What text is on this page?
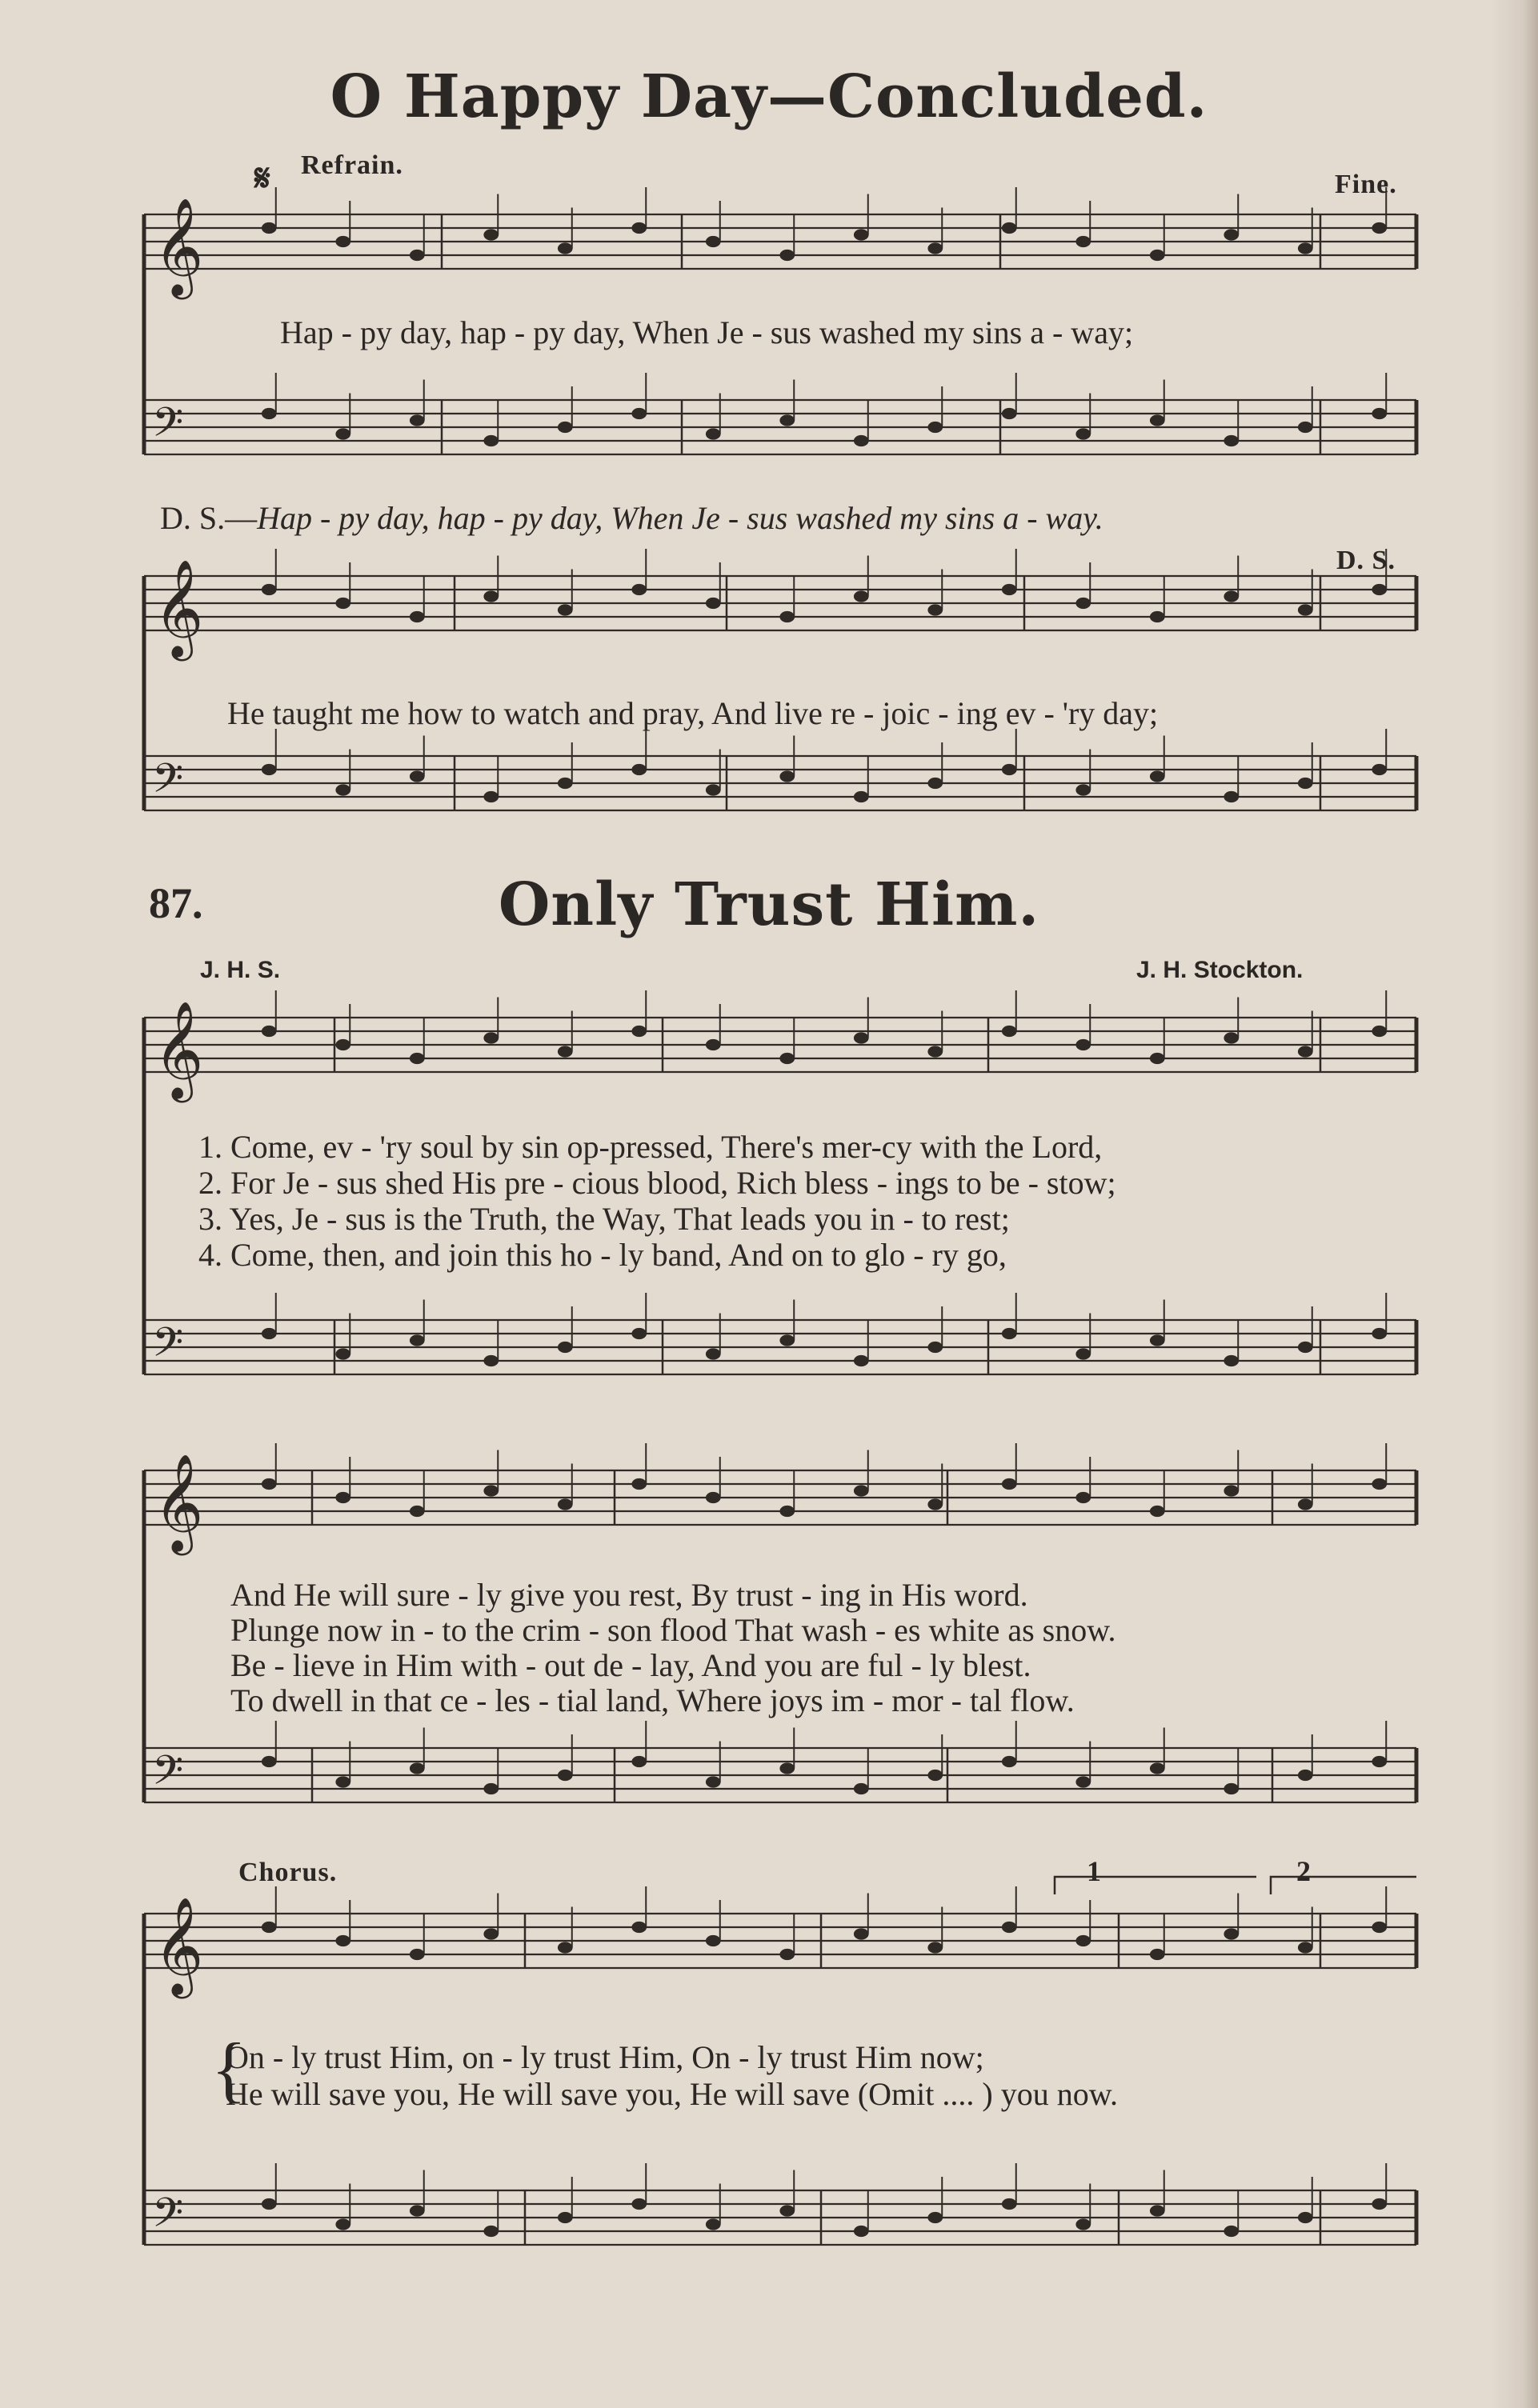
O Happy Day—Concluded.
Refrain.
Fine.
𝄋
Hap - py day, hap - py day, When Je - sus washed my sins a - way;
D. S.—Hap - py day, hap - py day, When Je - sus washed my sins a - way.
D. S.
He taught me how to watch and pray, And live re - joic - ing ev - 'ry day;
87.	Only Trust Him.
J. H. S.	J. H. Stockton.
1. Come, ev - 'ry soul by sin op-pressed, There's mer-cy with the Lord,
2. For Je - sus shed His pre - cious blood, Rich bless - ings to be - stow;
3. Yes, Je - sus is the Truth, the Way, That leads you in - to rest;
4. Come, then, and join this ho - ly band, And on to glo - ry go,
And He will sure - ly give you rest, By trust - ing in His word.
Plunge now in - to the crim - son flood That wash - es white as snow.
Be - lieve in Him with - out de - lay, And you are ful - ly blest.
To dwell in that ce - les - tial land, Where joys im - mor - tal flow.
Chorus.	1	2
On - ly trust Him, on - ly trust Him, On - ly trust Him now;
He will save you, He will save you, He will save (Omit .... ) you now.
{
𝄞
𝄢
𝄞
𝄢
𝄞
𝄢
𝄞
𝄢
𝄞
𝄢
